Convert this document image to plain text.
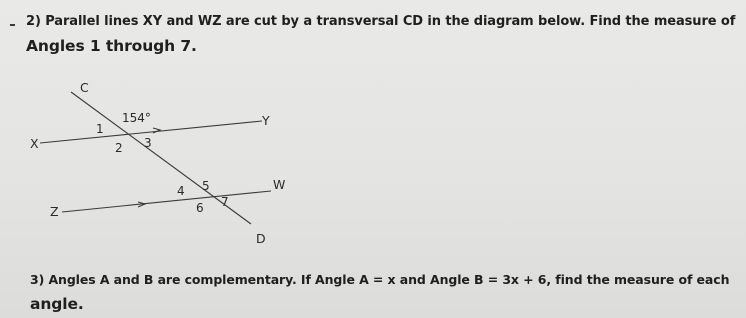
2) Parallel lines XY and WZ are cut by a transversal CD in the diagram below. Find the measure of
Angles 1 through 7.
C
Y
X
W
Z
D
154°
1
2 3
4 5
6 7
3) Angles A and B are complementary. If Angle A = x and Angle B = 3x + 6, find the measure of each
angle.
